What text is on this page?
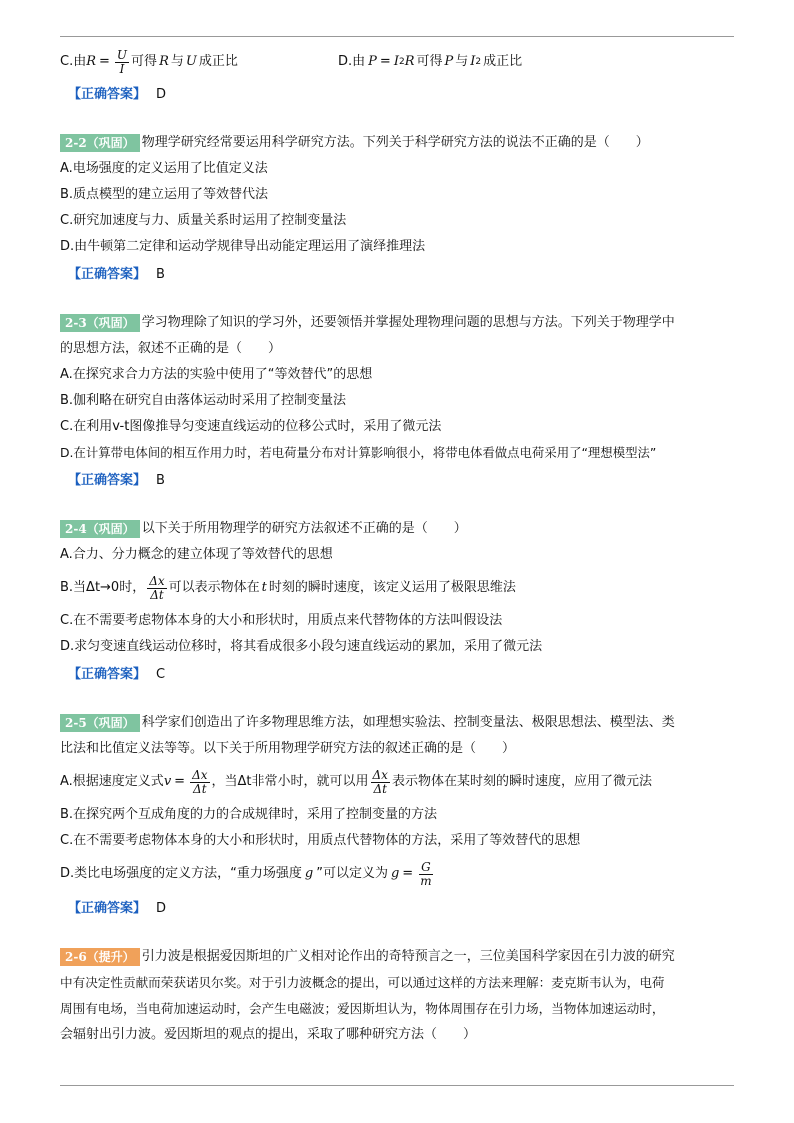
C.由 $R = \frac{U}{I}$ 可得 R 与 U 成正比	D.由 P = I 2 R 可得 P 与 I 2 成正比
【正确答案】 D
2-2（巩固） 物理学研究经常要运用科学研究方法。下列关于科学研究方法的说法不正确的是（　　）
A.电场强度的定义运用了比值定义法
B.质点模型的建立运用了等效替代法
C.研究加速度与力、质量关系时运用了控制变量法
D.由牛顿第二定律和运动学规律导出动能定理运用了演绎推理法
【正确答案】 B
2-3（巩固） 学习物理除了知识的学习外，还要领悟并掌握处理物理问题的思想与方法。下列关于物理学中
的思想方法，叙述不正确的是（　　）
A.在探究求合力方法的实验中使用了“等效替代”的思想
B.伽利略在研究自由落体运动时采用了控制变量法
C.在利用v-t图像推导匀变速直线运动的位移公式时，采用了微元法
D.在计算带电体间的相互作用力时，若电荷量分布对计算影响很小，将带电体看做点电荷采用了“理想模型法”
【正确答案】 B
2-4（巩固） 以下关于所用物理学的研究方法叙述不正确的是（　　）
A.合力、分力概念的建立体现了等效替代的思想
B.当Δt→0时， $\frac{\Delta x}{\Delta t}$ 可以表示物体在 t 时刻的瞬时速度，该定义运用了极限思维法
C.在不需要考虑物体本身的大小和形状时，用质点来代替物体的方法叫假设法
D.求匀变速直线运动位移时，将其看成很多小段匀速直线运动的累加，采用了微元法
【正确答案】 C
2-5（巩固） 科学家们创造出了许多物理思维方法，如理想实验法、控制变量法、极限思想法、模型法、类
比法和比值定义法等等。以下关于所用物理学研究方法的叙述正确的是（　　）
A.根据速度定义式 $v = \frac{\Delta x}{\Delta t}$ ，当Δt非常小时，就可以用 $\frac{\Delta x}{\Delta t}$ 表示物体在某时刻的瞬时速度，应用了微元法
B.在探究两个互成角度的力的合成规律时，采用了控制变量的方法
C.在不需要考虑物体本身的大小和形状时，用质点代替物体的方法，采用了等效替代的思想
D.类比电场强度的定义方法，“重力场强度 g ”可以定义为 $g = \frac{G}{m}$
【正确答案】 D
2-6（提升） 引力波是根据爱因斯坦的广义相对论作出的奇特预言之一，三位美国科学家因在引力波的研究
中有决定性贡献而荣获诺贝尔奖。对于引力波概念的提出，可以通过这样的方法来理解：麦克斯韦认为，电荷
周围有电场，当电荷加速运动时，会产生电磁波；爱因斯坦认为，物体周围存在引力场，当物体加速运动时，
会辐射出引力波。爱因斯坦的观点的提出，采取了哪种研究方法（　　）
